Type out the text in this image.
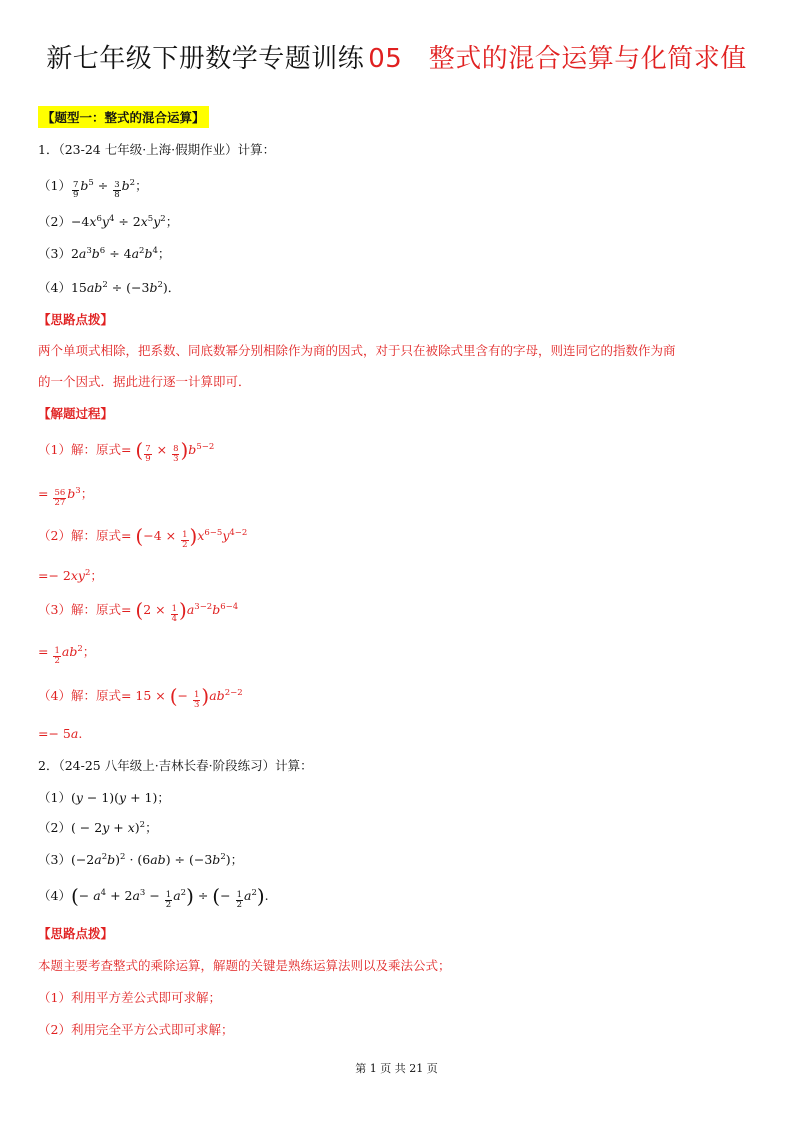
新七年级下册数学专题训练 05　整式的混合运算与化简求值
【题型一：整式的混合运算】
1．（23-24 七年级·上海·假期作业）计算：
$(1) \frac{7}{9} b^5 \div \frac{3}{8} b^2$；
$(2)-4x^6y^4 \div 2x^5y^2$；
$(3)2a^3b^6 \div 4a^2b^4$；
$(4)15ab^2 \div (-3b^2)$．
【思路点拨】
两个单项式相除，把系数、同底数幂分别相除作为商的因式，对于只在被除式里含有的字母，则连同它的指数作为商
的一个因式．据此进行逐一计算即可．
【解题过程】
（1）解：原式= ( $\frac{7}{9} \times \frac{8}{3} )b^{5-2}$
= $\frac{56}{27} b^3$；
（2）解：原式= $(-4 \times \frac{1}{2} )x^{6-5}y^{4-2}$
=− $2xy^2$；
（3）解：原式= $(2 \times \frac{1}{4} )a^{3-2}b^{6-4}$
= $\frac{1}{2} ab^2$；
（4）解：原式= 15 × (− $\frac{1}{3} )ab^{2-2}$
=− 5a.
2．（24-25 八年级上·吉林长春·阶段练习）计算：
（1）(y − 1)(y + 1)；
$(2)( - 2y + x)^2$；
$(3)(-2a^2b)^2 \cdot (6ab) \div (-3b^2)$；
$(4)(- a^4 + 2a^3 - \frac{1}{2} a^2)$ ÷ (− $\frac{1}{2} a^2$).
【思路点拨】
本题主要考查整式的乘除运算，解题的关键是熟练运算法则以及乘法公式；
（1）利用平方差公式即可求解；
（2）利用完全平方公式即可求解；
第 1 页 共 21 页
